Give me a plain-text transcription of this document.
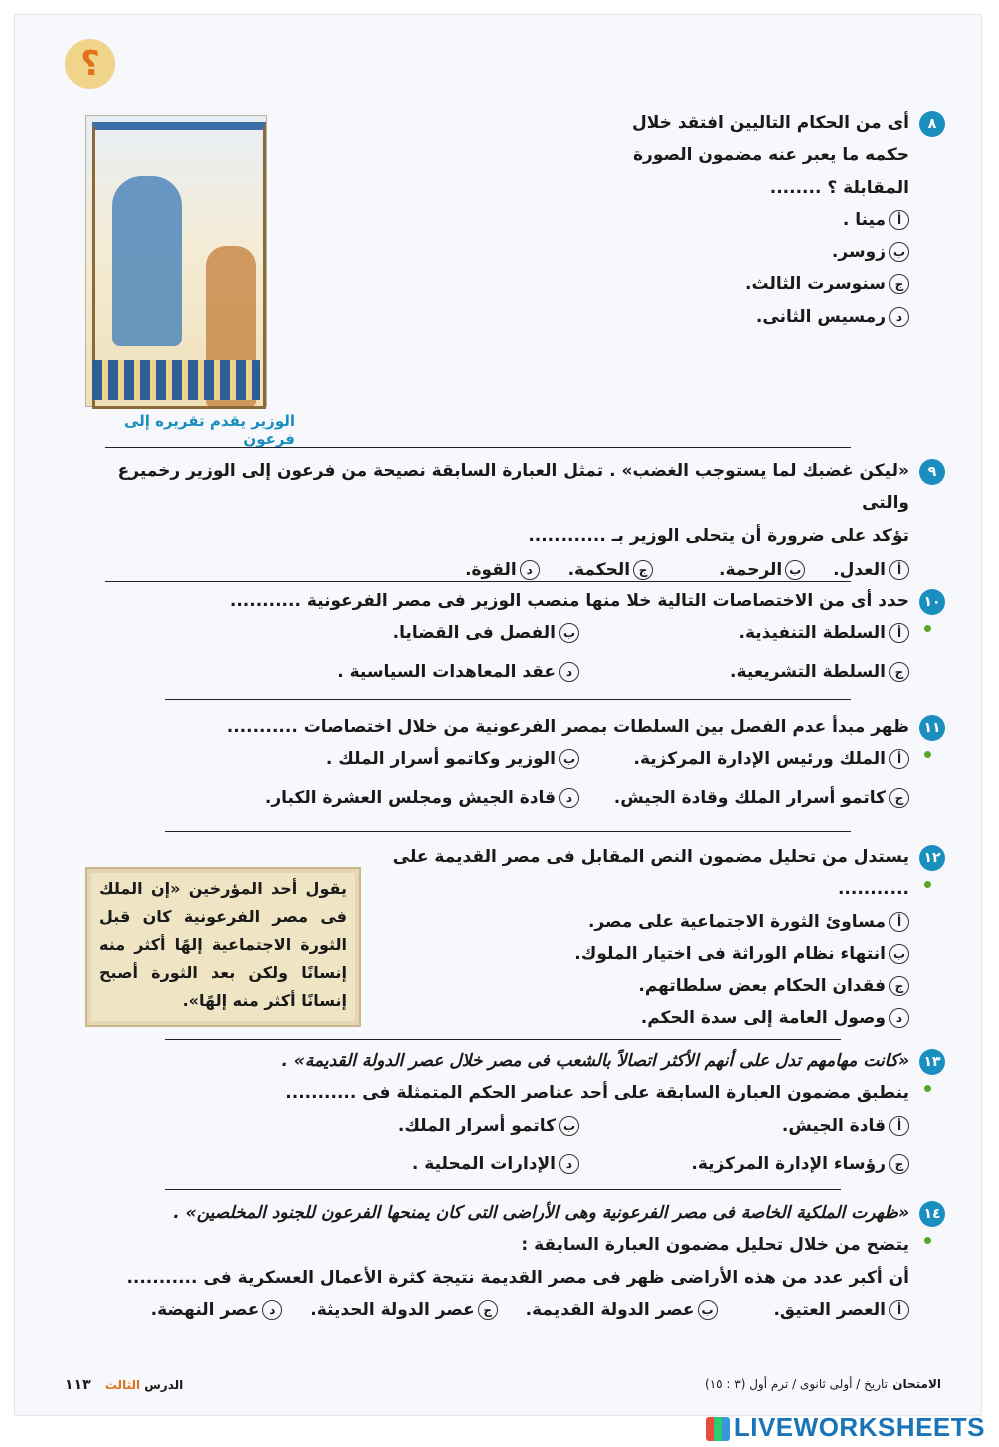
؟
الوزير يقدم تقريره إلى فرعون
٨

أى من الحكام التاليين افتقد خلال

حكمه ما يعبر عنه مضمون الصورة

المقابلة ؟ ........

أمينا .
بزوسر.
جسنوسرت الثالث.
درمسيس الثانى.
٩

«ليكن غضبك لما يستوجب الغضب» . تمثل العبارة السابقة نصيحة من فرعون إلى الوزير رخميرع والتى

تؤكد على ضرورة أن يتحلى الوزير بـ ............

أالعدل. بالرحمة. جالحكمة. دالقوة.
١٠

حدد أى من الاختصاصات التالية خلا منها منصب الوزير فى مصر الفرعونية ...........

أالسلطة التنفيذية.
بالفصل فى القضايا.
جالسلطة التشريعية.
دعقد المعاهدات السياسية .
١١

ظهر مبدأ عدم الفصل بين السلطات بمصر الفرعونية من خلال اختصاصات ...........

أالملك ورئيس الإدارة المركزية.
بالوزير وكاتمو أسرار الملك .
جكاتمو أسرار الملك وقادة الجيش.
دقادة الجيش ومجلس العشرة الكبار.
١٢

يستدل من تحليل مضمون النص المقابل فى مصر القديمة على ...........

أمساوئ الثورة الاجتماعية على مصر.
بانتهاء نظام الوراثة فى اختيار الملوك.
جفقدان الحكام بعض سلطاتهم.
دوصول العامة إلى سدة الحكم.
يقول أحد المؤرخين «إن الملك فى مصر الفرعونية كان قبل الثورة الاجتماعية إلهًا أكثر منه إنسانًا ولكن بعد الثورة أصبح إنسانًا أكثر منه إلهًا».
١٣

«كانت مهامهم تدل على أنهم الأكثر اتصالاً بالشعب فى مصر خلال عصر الدولة القديمة» .

ينطبق مضمون العبارة السابقة على أحد عناصر الحكم المتمثلة فى ...........

أقادة الجيش.
بكاتمو أسرار الملك.
جرؤساء الإدارة المركزية.
دالإدارات المحلية .
١٤

«ظهرت الملكية الخاصة فى مصر الفرعونية وهى الأراضى التى كان يمنحها الفرعون للجنود المخلصين» .

يتضح من خلال تحليل مضمون العبارة السابقة :

أن أكبر عدد من هذه الأراضى ظهر فى مصر القديمة نتيجة كثرة الأعمال العسكرية فى ...........

أالعصر العتيق. بعصر الدولة القديمة. جعصر الدولة الحديثة. دعصر النهضة.
الامتحان تاريخ / أولى ثانوى / ترم أول (٣ : ١٥)
الدرس الثالث ١١٣
LIVEWORKSHEETS
